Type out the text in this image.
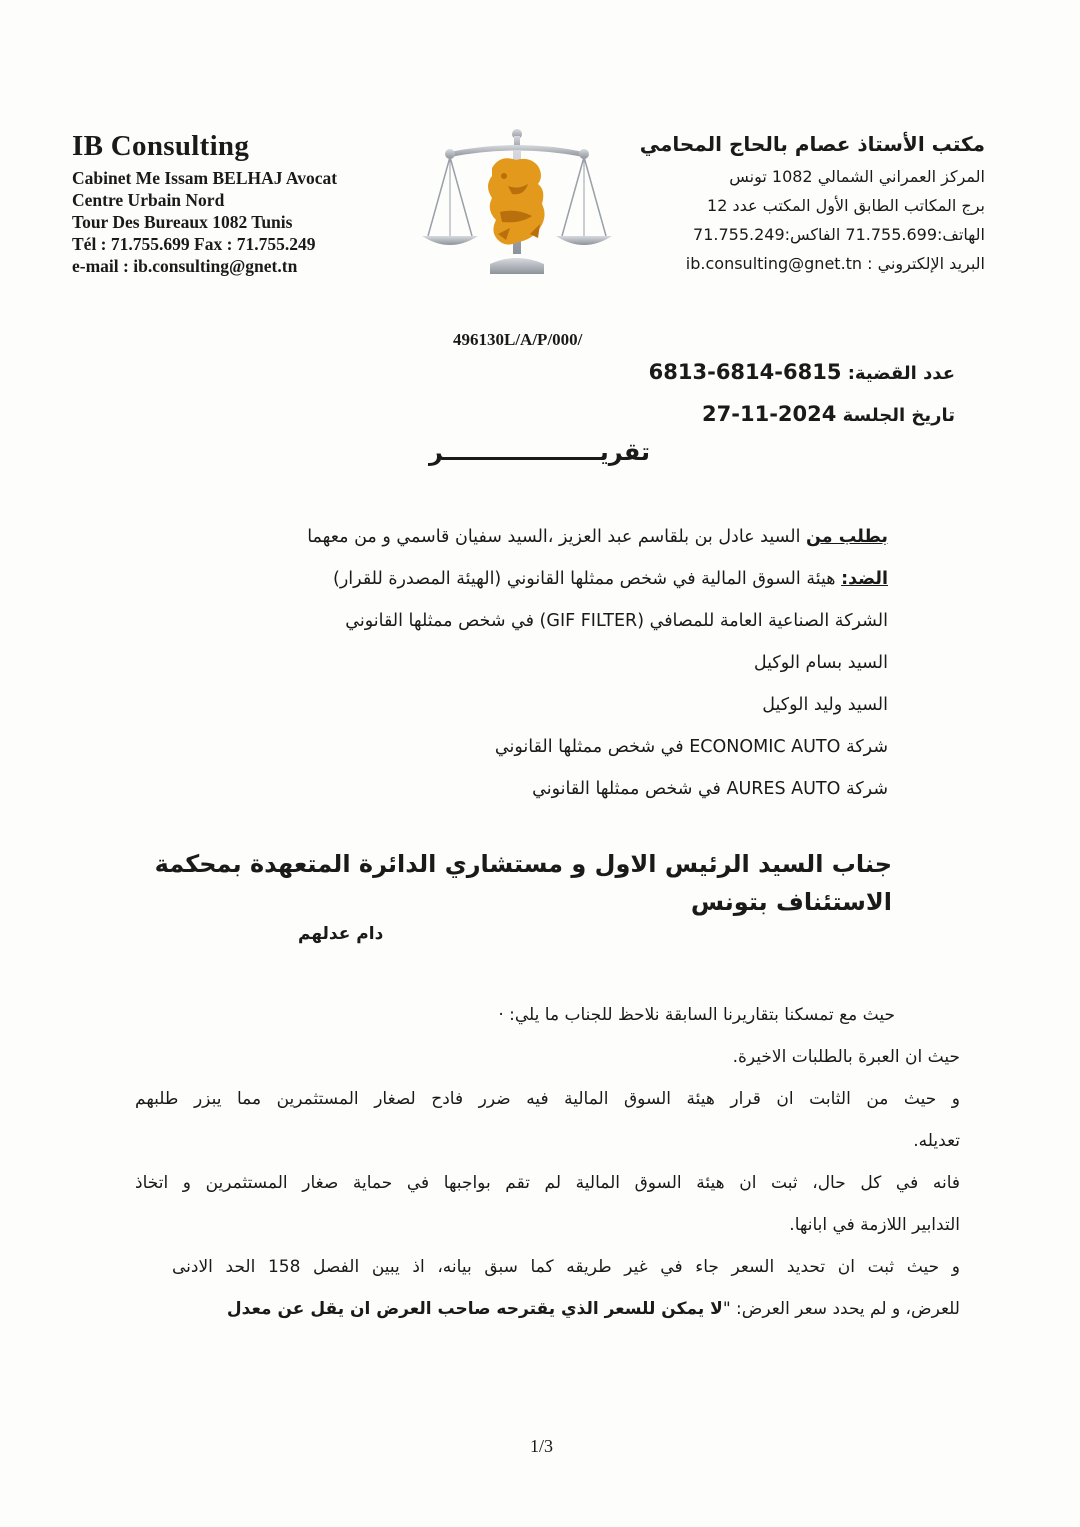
IB Consulting
Cabinet Me Issam BELHAJ Avocat
Centre Urbain Nord
Tour Des Bureaux 1082 Tunis
Tél : 71.755.699 Fax : 71.755.249
e-mail : ib.consulting@gnet.tn
مكتب الأستاذ عصام بالحاج المحامي
المركز العمراني الشمالي 1082 تونس
برج المكاتب الطابق الأول المكتب عدد 12
الهاتف:71.755.699 الفاكس:71.755.249
البريد الإلكتروني : ib.consulting@gnet.tn
496130L/A/P/000/
عدد القضية: 6815-6814-6813
تاريخ الجلسة 2024-11-27
تقريـــــــــــــــــــر
بطلب من السيد عادل بن بلقاسم عبد العزيز ،السيد سفيان قاسمي و من معهما
الضد: هيئة السوق المالية في شخص ممثلها القانوني (الهيئة المصدرة للقرار)
الشركة الصناعية العامة للمصافي (GIF FILTER) في شخص ممثلها القانوني
السيد بسام الوكيل
السيد وليد الوكيل
شركة ECONOMIC AUTO في شخص ممثلها القانوني
شركة AURES AUTO في شخص ممثلها القانوني
جناب السيد الرئيس الاول و مستشاري الدائرة المتعهدة بمحكمة
الاستئناف بتونس
دام عدلهم
حيث مع تمسكنا بتقاريرنا السابقة نلاحظ للجناب ما يلي: ·
حيث ان العبرة بالطلبات الاخيرة.
و حيث من الثابت ان قرار هيئة السوق المالية فيه ضرر فادح لصغار المستثمرين مما يبزر طلبهم
تعديله.
فانه في كل حال، ثبت ان هيئة السوق المالية لم تقم بواجبها في حماية صغار المستثمرين و اتخاذ
التدابير اللازمة في ابانها.
و حيث ثبت ان تحديد السعر جاء في غير طريقه كما سبق بيانه، اذ يبين الفصل 158 الحد الادنى
للعرض، و لم يحدد سعر العرض: "لا يمكن للسعر الذي يقترحه صاحب العرض ان يقل عن معدل
1/3
